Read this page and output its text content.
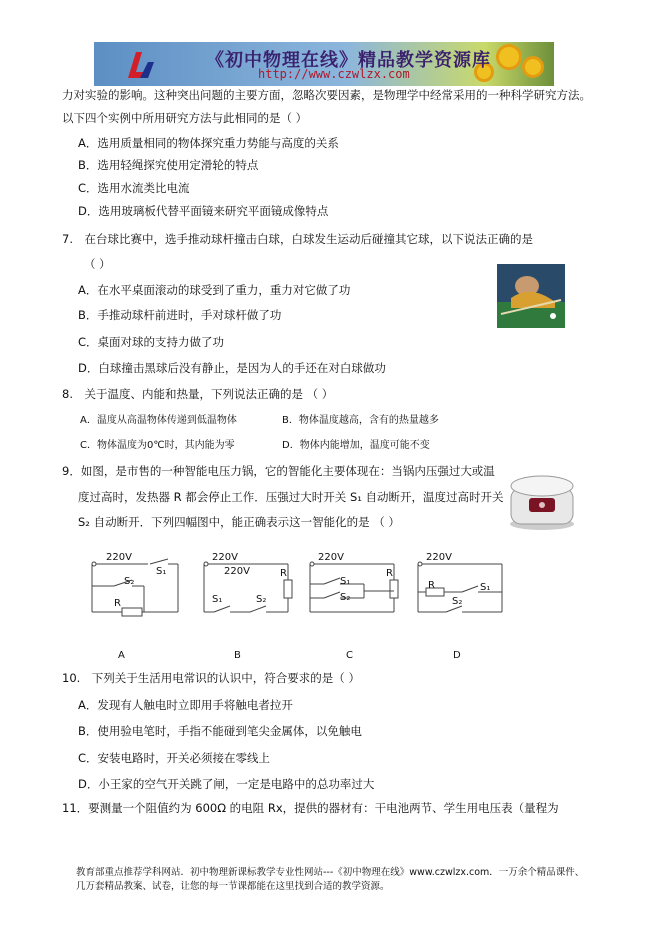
《初中物理在线》精品教学资源库
http://www.czwlzx.com
力对实验的影响。这种突出问题的主要方面，忽略次要因素，是物理学中经常采用的一种科学研究方法。
以下四个实例中所用研究方法与此相同的是（ ）
A．选用质量相同的物体探究重力势能与高度的关系
B．选用轻绳探究使用定滑轮的特点
C．选用水流类比电流
D．选用玻璃板代替平面镜来研究平面镜成像特点
7.　在台球比赛中，选手推动球杆撞击白球，白球发生运动后碰撞其它球，以下说法正确的是
（ ）
A．在水平桌面滚动的球受到了重力，重力对它做了功
B．手推动球杆前进时，手对球杆做了功
C．桌面对球的支持力做了功
D．白球撞击黑球后没有静止，是因为人的手还在对白球做功
8.　关于温度、内能和热量，下列说法正确的是 （ ）
A．温度从高温物体传递到低温物体	B．物体温度越高，含有的热量越多
C．物体温度为0℃时，其内能为零	D．物体内能增加，温度可能不变
9．如图，是市售的一种智能电压力锅，它的智能化主要体现在：当锅内压强过大或温
度过高时，发热器 R 都会停止工作．压强过大时开关 S₁ 自动断开，温度过高时开关
S₂ 自动断开．下列四幅图中，能正确表示这一智能化的是 （ ）
220V
S₁
S₂
R
220V
220V
S₁	S₂
R
220V
S₁
S₂
R
220V
S₁
S₂
R
A	B	C	D
10.　下列关于生活用电常识的认识中，符合要求的是（ ）
A．发现有人触电时立即用手将触电者拉开
B．使用验电笔时，手指不能碰到笔尖金属体，以免触电
C．安装电路时，开关必须接在零线上
D．小王家的空气开关跳了闸，一定是电路中的总功率过大
11．要测量一个阻值约为 600Ω 的电阻 Rx，提供的器材有：干电池两节、学生用电压表（量程为
教育部重点推荐学科网站．初中物理新课标教学专业性网站---《初中物理在线》www.czwlzx.com．一万余个精品课件、
几万套精品教案、试卷，让您的每一节课都能在这里找到合适的教学资源。
